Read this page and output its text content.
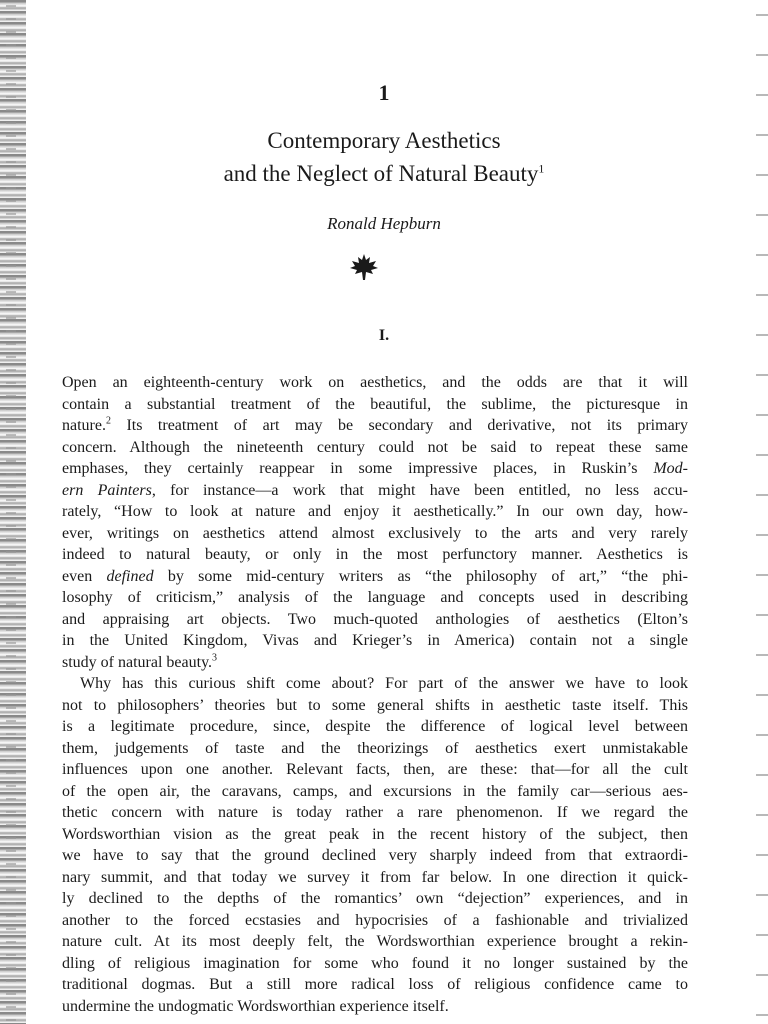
1
Contemporary Aesthetics
and the Neglect of Natural Beauty$^1$
Ronald Hepburn
I.
Open an eighteenth-century work on aesthetics, and the odds are that it will
contain a substantial treatment of the beautiful, the sublime, the picturesque in
nature.$^2$ Its treatment of art may be secondary and derivative, not its primary
concern. Although the nineteenth century could not be said to repeat these same
emphases, they certainly reappear in some impressive places, in Ruskin’s Mod-
ern Painters, for instance—a work that might have been entitled, no less accu-
rately, “How to look at nature and enjoy it aesthetically.” In our own day, how-
ever, writings on aesthetics attend almost exclusively to the arts and very rarely
indeed to natural beauty, or only in the most perfunctory manner. Aesthetics is
even defined by some mid-century writers as “the philosophy of art,” “the phi-
losophy of criticism,” analysis of the language and concepts used in describing
and appraising art objects. Two much-quoted anthologies of aesthetics (Elton’s
in the United Kingdom, Vivas and Krieger’s in America) contain not a single
study of natural beauty.$^3$
Why has this curious shift come about? For part of the answer we have to look
not to philosophers’ theories but to some general shifts in aesthetic taste itself. This
is a legitimate procedure, since, despite the difference of logical level between
them, judgements of taste and the theorizings of aesthetics exert unmistakable
influences upon one another. Relevant facts, then, are these: that—for all the cult
of the open air, the caravans, camps, and excursions in the family car—serious aes-
thetic concern with nature is today rather a rare phenomenon. If we regard the
Wordsworthian vision as the great peak in the recent history of the subject, then
we have to say that the ground declined very sharply indeed from that extraordi-
nary summit, and that today we survey it from far below. In one direction it quick-
ly declined to the depths of the romantics’ own “dejection” experiences, and in
another to the forced ecstasies and hypocrisies of a fashionable and trivialized
nature cult. At its most deeply felt, the Wordsworthian experience brought a rekin-
dling of religious imagination for some who found it no longer sustained by the
traditional dogmas. But a still more radical loss of religious confidence came to
undermine the undogmatic Wordsworthian experience itself.
